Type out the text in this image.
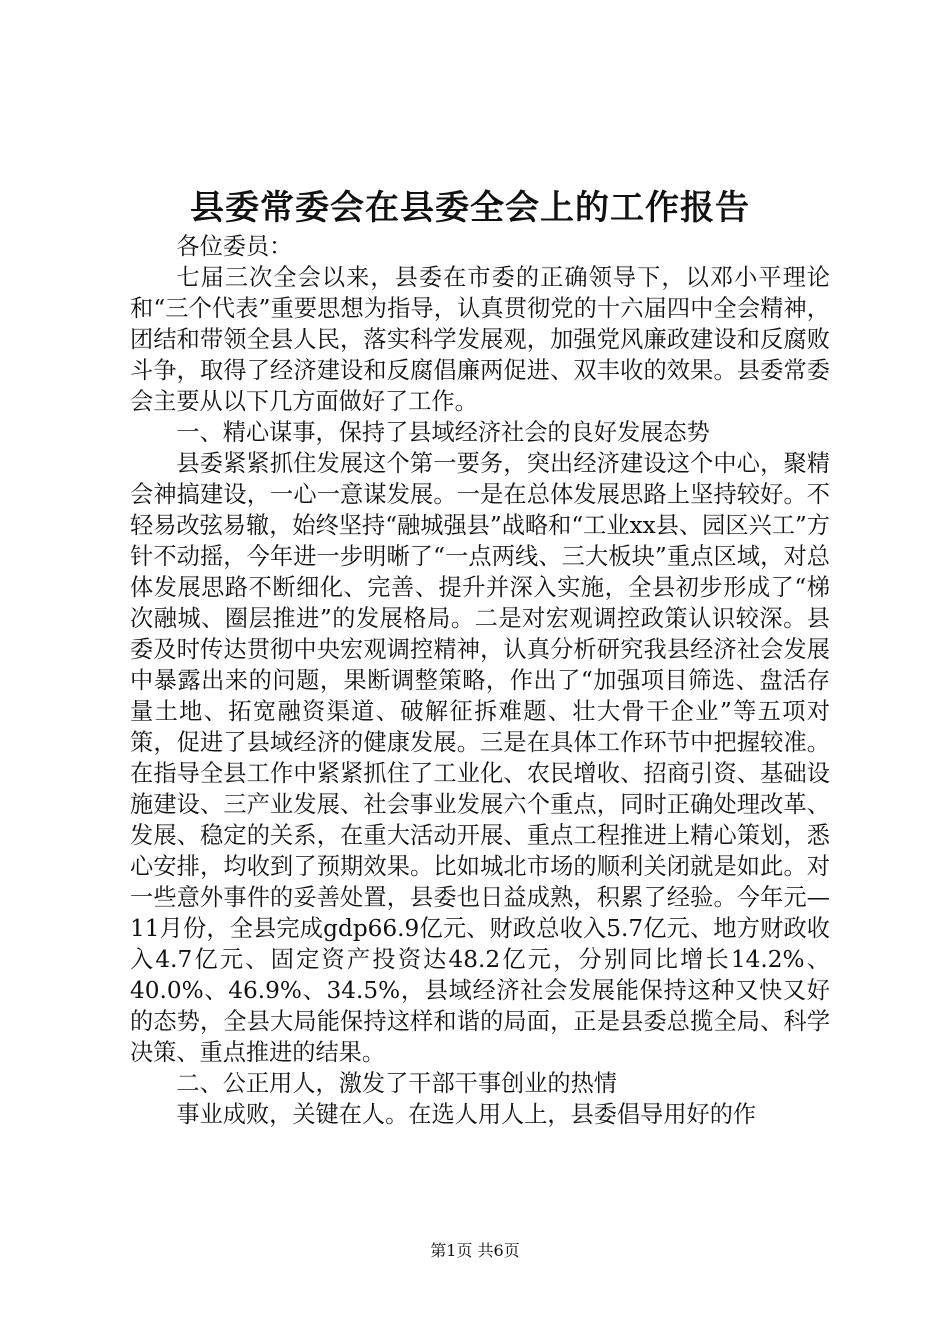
县委常委会在县委全会上的工作报告

各位委员：

七届三次全会以来，县委在市委的正确领导下，以邓小平理论和“三个代表”重要思想为指导，认真贯彻党的十六届四中全会精神，团结和带领全县人民，落实科学发展观，加强党风廉政建设和反腐败斗争，取得了经济建设和反腐倡廉两促进、双丰收的效果。县委常委会主要从以下几方面做好了工作。

一、精心谋事，保持了县域经济社会的良好发展态势

县委紧紧抓住发展这个第一要务，突出经济建设这个中心，聚精会神搞建设，一心一意谋发展。一是在总体发展思路上坚持较好。不轻易改弦易辙，始终坚持“融城强县”战略和“工业xx县、园区兴工”方针不动摇，今年进一步明晰了“一点两线、三大板块”重点区域，对总体发展思路不断细化、完善、提升并深入实施，全县初步形成了“梯次融城、圈层推进”的发展格局。二是对宏观调控政策认识较深。县委及时传达贯彻中央宏观调控精神，认真分析研究我县经济社会发展中暴露出来的问题，果断调整策略，作出了“加强项目筛选、盘活存量土地、拓宽融资渠道、破解征拆难题、壮大骨干企业”等五项对策，促进了县域经济的健康发展。三是在具体工作环节中把握较准。在指导全县工作中紧紧抓住了工业化、农民增收、招商引资、基础设施建设、三产业发展、社会事业发展六个重点，同时正确处理改革、发展、稳定的关系，在重大活动开展、重点工程推进上精心策划，悉心安排，均收到了预期效果。比如城北市场的顺利关闭就是如此。对一些意外事件的妥善处置，县委也日益成熟，积累了经验。今年元—11月份，全县完成gdp66.9亿元、财政总收入5.7亿元、地方财政收入4.7亿元、固定资产投资达48.2亿元，分别同比增长14.2%、40.0%、46.9%、34.5%，县域经济社会发展能保持这种又快又好的态势，全县大局能保持这样和谐的局面，正是县委总揽全局、科学决策、重点推进的结果。

二、公正用人，激发了干部干事创业的热情

事业成败，关键在人。在选人用人上，县委倡导用好的作

第1页 共6页
